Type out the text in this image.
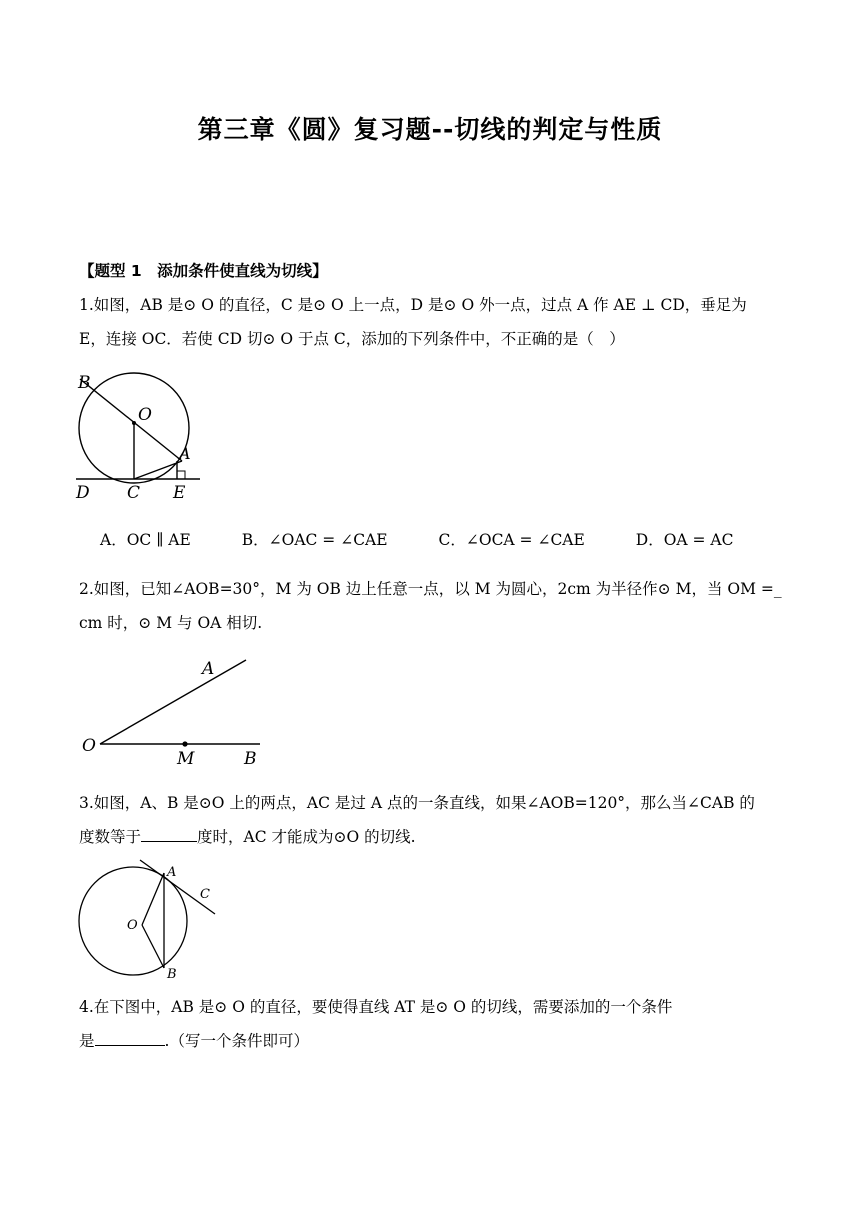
第三章《圆》复习题--切线的判定与性质
【题型 1　添加条件使直线为切线】
1.如图，AB 是⊙ O 的直径，C 是⊙ O 上一点，D 是⊙ O 外一点，过点 A 作 AE ⊥ CD，垂足为
E，连接 OC．若使 CD 切⊙ O 于点 C，添加的下列条件中，不正确的是（　）
B
O
A
D C E
A．OC ∥ AE	B．∠OAC = ∠CAE	C．∠OCA = ∠CAE	D．OA = AC
2.如图，已知∠AOB=30°，M 为 OB 边上任意一点，以 M 为圆心，2cm 为半径作⊙ M，当 OM =_
cm 时，⊙ M 与 OA 相切.
A
O
M	B
3.如图，A、B 是⊙O 上的两点，AC 是过 A 点的一条直线，如果∠AOB=120°，那么当∠CAB 的
度数等于	度时，AC 才能成为⊙O 的切线.
A
C
O
B
4.在下图中，AB 是⊙ O 的直径，要使得直线 AT 是⊙ O 的切线，需要添加的一个条件
是	.（写一个条件即可）
